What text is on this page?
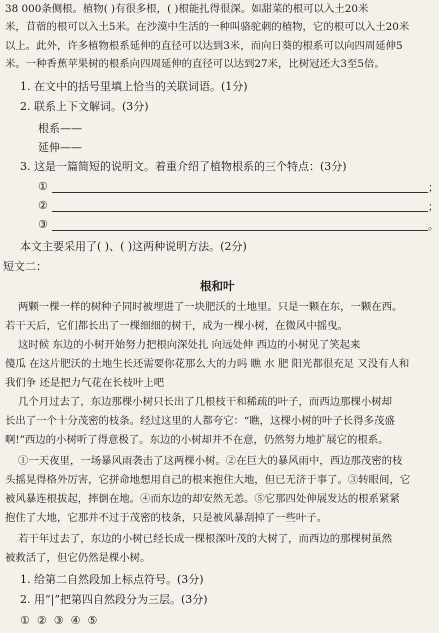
38 000条侧根。植物( )有很多根，( )根能扎得很深。如甜菜的根可以入土20米
米，苜蓿的根可以入土5米。在沙漠中生活的一种叫骆驼刺的植物，它的根可以入土20米
以上。此外，许多植物根系延伸的直径可以达到3米，而向日葵的根系可以向四周延伸5
米。一种香蕉苹果树的根系向四周延伸的直径可以达到27米，比树冠还大3至5倍。
1. 在文中的括号里填上恰当的关联词语。(1分)
2. 联系上下文解词。(3分)
根系——
延伸——
3. 这是一篇简短的说明文。着重介绍了植物根系的三个特点：(3分)
①	；
②	；
③	。
本文主要采用了( )、( )这两种说明方法。(2分)
短文二：
根和叶
两颗一棵一样的树种子同时被埋进了一块肥沃的土地里。只是一颗在东，一颗在西。
若干天后，它们都长出了一棵细细的树干，成为一棵小树，在微风中摇曳。
这时候 东边的小树开始努力把根向深处扎 向远处伸 西边的小树见了笑起来
傻瓜 在这片肥沃的土地生长还需要你花那么大的力吗 瞧 水 肥 阳光都很充足 又没有人和
我们争 还是把力气花在长枝叶上吧
几个月过去了，东边那棵小树只长出了几根枝干和稀疏的叶子，而西边那棵小树却
长出了一个十分茂密的枝条。经过这里的人都夸它：“瞧，这棵小树的叶子长得多茂盛
啊!”西边的小树听了得意极了。东边的小树却并不在意，仍然努力地扩展它的根系。
①一天夜里，一场暴风雨袭击了这两棵小树。②在巨大的暴风雨中，西边那茂密的枝
头摇晃得格外厉害，它拼命地想用自己的根来抱住大地，但已无济于事了。③转眼间，它
被风暴连根拔起，摔倒在地。④而东边的却安然无恙。⑤它那四处伸展发达的根系紧紧
抱住了大地，它那并不过于茂密的枝条，只是被风暴刮掉了一些叶子。
若干年过去了，东边的小树已经长成一棵根深叶茂的大树了，而西边的那棵树虽然
被救活了，但它仍然是棵小树。
1. 给第二自然段加上标点符号。(3分)
2. 用“|”把第四自然段分为三层。(3分)
① ② ③ ④ ⑤
